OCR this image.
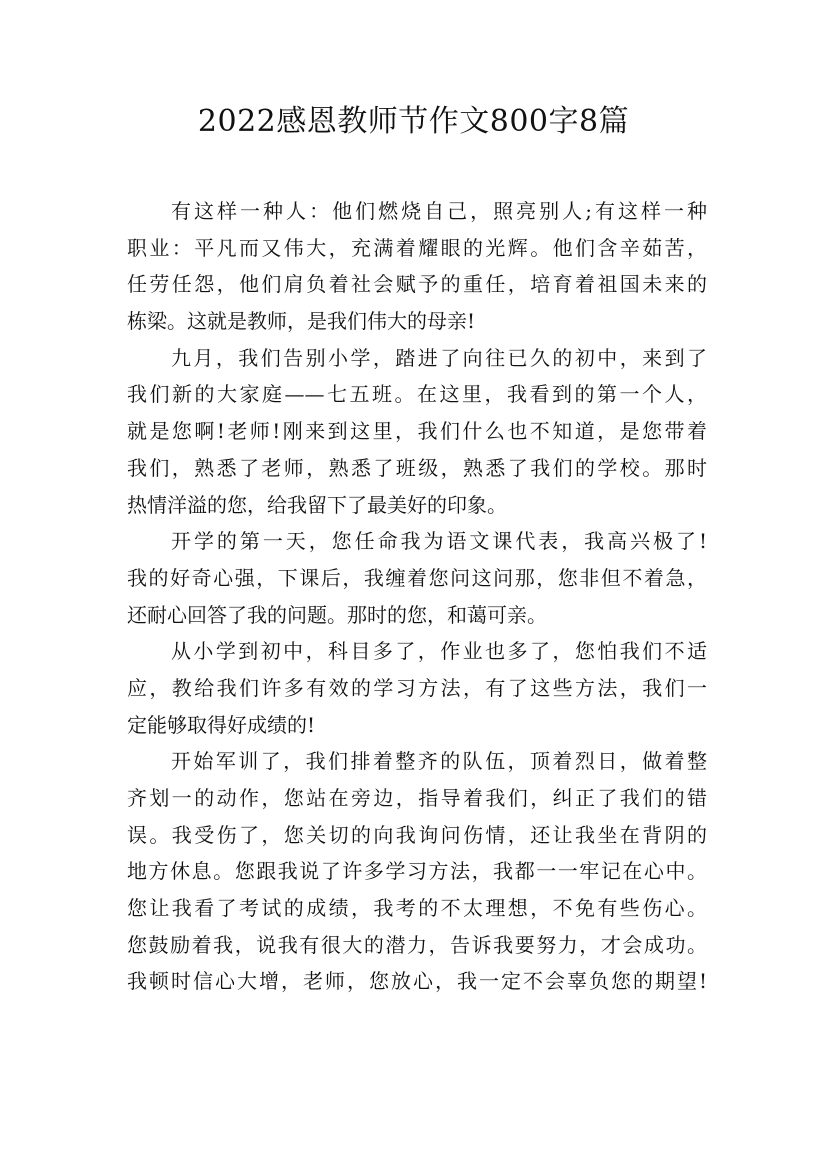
2022感恩教师节作文800字8篇
有这样一种人：他们燃烧自己，照亮别人;有这样一种
职业：平凡而又伟大，充满着耀眼的光辉。他们含辛茹苦，
任劳任怨，他们肩负着社会赋予的重任，培育着祖国未来的
栋梁。这就是教师，是我们伟大的母亲!
九月，我们告别小学，踏进了向往已久的初中，来到了
我们新的大家庭——七五班。在这里，我看到的第一个人，
就是您啊!老师!刚来到这里，我们什么也不知道，是您带着
我们，熟悉了老师，熟悉了班级，熟悉了我们的学校。那时
热情洋溢的您，给我留下了最美好的印象。
开学的第一天，您任命我为语文课代表，我高兴极了!
我的好奇心强，下课后，我缠着您问这问那，您非但不着急，
还耐心回答了我的问题。那时的您，和蔼可亲。
从小学到初中，科目多了，作业也多了，您怕我们不适
应，教给我们许多有效的学习方法，有了这些方法，我们一
定能够取得好成绩的!
开始军训了，我们排着整齐的队伍，顶着烈日，做着整
齐划一的动作，您站在旁边，指导着我们，纠正了我们的错
误。我受伤了，您关切的向我询问伤情，还让我坐在背阴的
地方休息。您跟我说了许多学习方法，我都一一牢记在心中。
您让我看了考试的成绩，我考的不太理想，不免有些伤心。
您鼓励着我，说我有很大的潜力，告诉我要努力，才会成功。
我顿时信心大增，老师，您放心，我一定不会辜负您的期望!
